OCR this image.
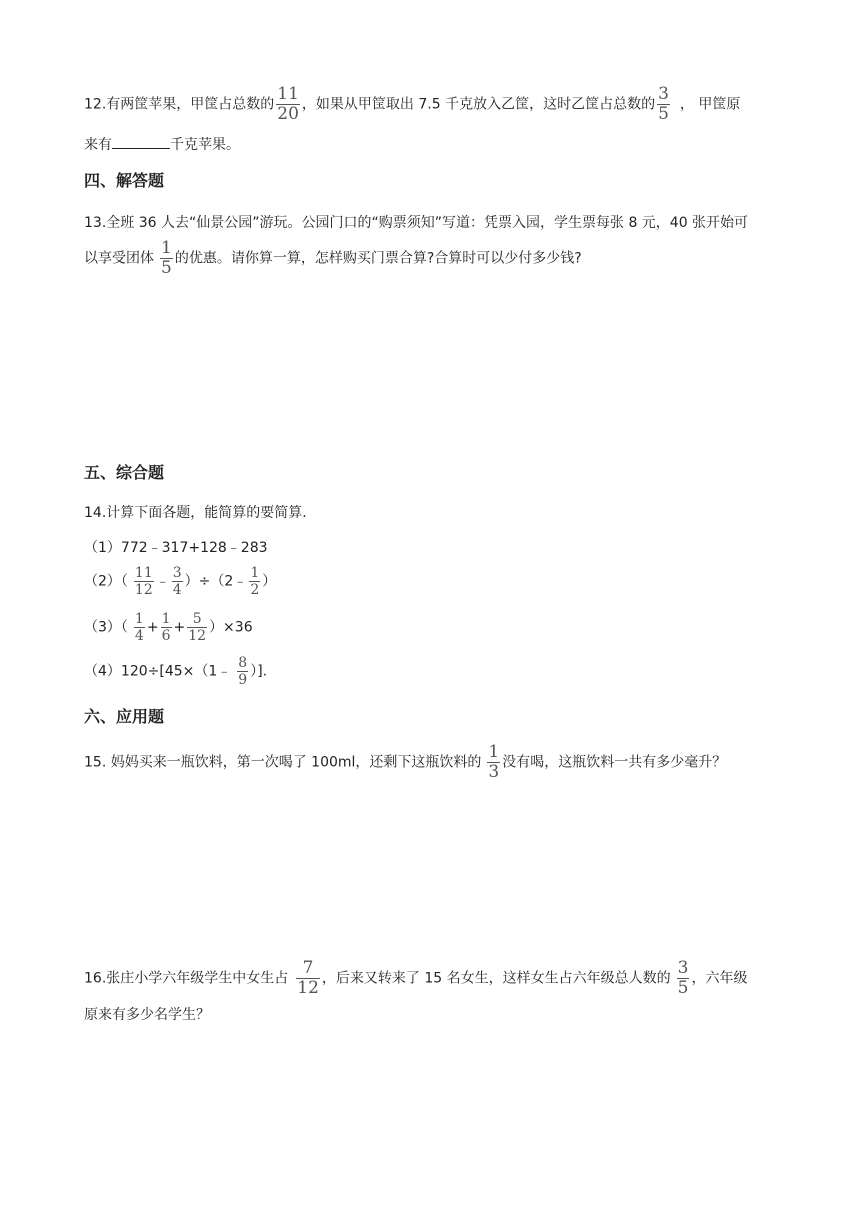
12.有两筐苹果，甲筐占总数的 $\frac{11}{20}$ ，如果从甲筐取出 7.5 千克放入乙筐，这时乙筐占总数的 $\frac{3}{5}$ ， 甲筐原
来有	千克苹果。
四、解答题
13.全班 36 人去“仙景公园”游玩。公园门口的“购票须知”写道：凭票入园，学生票每张 8 元，40 张开始可
以享受团体 $\frac{1}{5}$ 的优惠。请你算一算，怎样购买门票合算?合算时可以少付多少钱?
五、综合题
14.计算下面各题，能简算的要简算.
（1）772﹣317+128﹣283
$(2)( \frac{11}{12}$ ﹣ $\frac{3}{4}$ ）÷（2﹣ $\frac{1}{2}$ ）
$(3)( \frac{1}{4} + \frac{1}{6} + \frac{5}{12} )\times 36$
（4）120÷[45×（1﹣ $\frac{8}{9}$ ）].
六、应用题
15. 妈妈买来一瓶饮料，第一次喝了 100ml，还剩下这瓶饮料的 $\frac{1}{3}$ 没有喝，这瓶饮料一共有多少毫升？
16.张庄小学六年级学生中女生占 $\frac{7}{12}$ ，后来又转来了 15 名女生，这样女生占六年级总人数的 $\frac{3}{5}$ ，六年级
原来有多少名学生？
